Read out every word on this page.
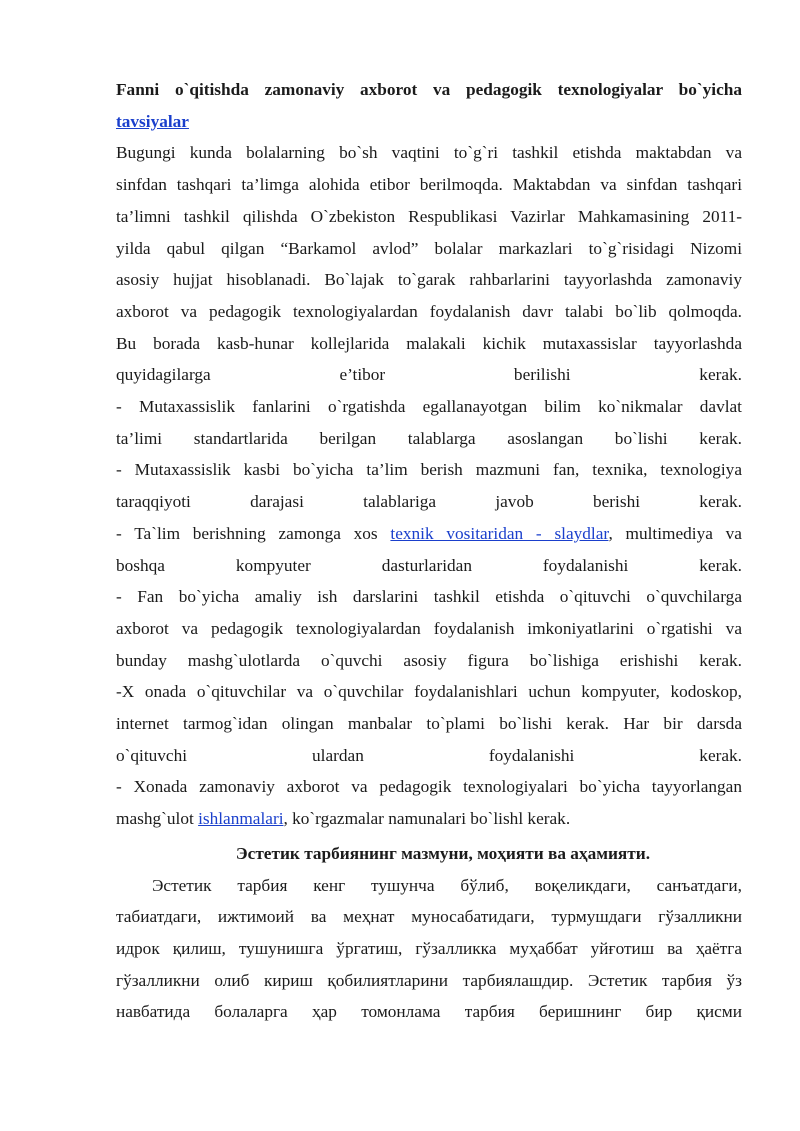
Fanni o`qitishda zamonaviy axborot va pedagogik texnologiyalar bo`yicha

tavsiyalar

Bugungi kunda bolalarning bo`sh vaqtini to`g`ri tashkil etishda maktabdan va

sinfdan tashqari ta’limga alohida etibor berilmoqda. Maktabdan va sinfdan tashqari

ta’limni tashkil qilishda O`zbekiston Respublikasi Vazirlar Mahkamasining 2011-

yilda qabul qilgan “Barkamol avlod” bolalar markazlari to`g`risidagi Nizomi

asosiy hujjat hisoblanadi. Bo`lajak to`garak rahbarlarini tayyorlashda zamonaviy

axborot va pedagogik texnologiyalardan foydalanish davr talabi bo`lib qolmoqda.

Bu borada kasb-hunar kollejlarida malakali kichik mutaxassislar tayyorlashda

quyidagilarga e’tibor berilishi kerak.

- Mutaxassislik fanlarini o`rgatishda egallanayotgan bilim ko`nikmalar davlat

ta’limi standartlarida berilgan talablarga asoslangan bo`lishi kerak.

- Mutaxassislik kasbi bo`yicha ta’lim berish mazmuni fan, texnika, texnologiya

taraqqiyoti darajasi talablariga javob berishi kerak.

- Ta`lim berishning zamonga xos texnik vositaridan - slaydlar, multimediya va

boshqa kompyuter dasturlaridan foydalanishi kerak.

- Fan bo`yicha amaliy ish darslarini tashkil etishda o`qituvchi o`quvchilarga

axborot va pedagogik texnologiyalardan foydalanish imkoniyatlarini o`rgatishi va

bunday mashg`ulotlarda o`quvchi asosiy figura bo`lishiga erishishi kerak.

-X onada o`qituvchilar va o`quvchilar foydalanishlari uchun kompyuter, kodoskop,

internet tarmog`idan olingan manbalar to`plami bo`lishi kerak. Har bir darsda

o`qituvchi ulardan foydalanishi kerak.

- Xonada zamonaviy axborot va pedagogik texnologiyalari bo`yicha tayyorlangan

mashg`ulot ishlanmalari, ko`rgazmalar namunalari bo`lishl kerak.

Эстетик тарбиянинг мазмуни, моҳияти ва аҳамияти.

Эстетик тарбия кенг тушунча бўлиб, воқеликдаги, санъатдаги,

табиатдаги, ижтимоий ва меҳнат муносабатидаги, турмушдаги гўзалликни

идрок қилиш, тушунишга ўргатиш, гўзалликка муҳаббат уйғотиш ва ҳаётга

гўзалликни олиб кириш қобилиятларини тарбиялашдир. Эстетик тарбия ўз

навбатида болаларга ҳар томонлама тарбия беришнинг бир қисми
